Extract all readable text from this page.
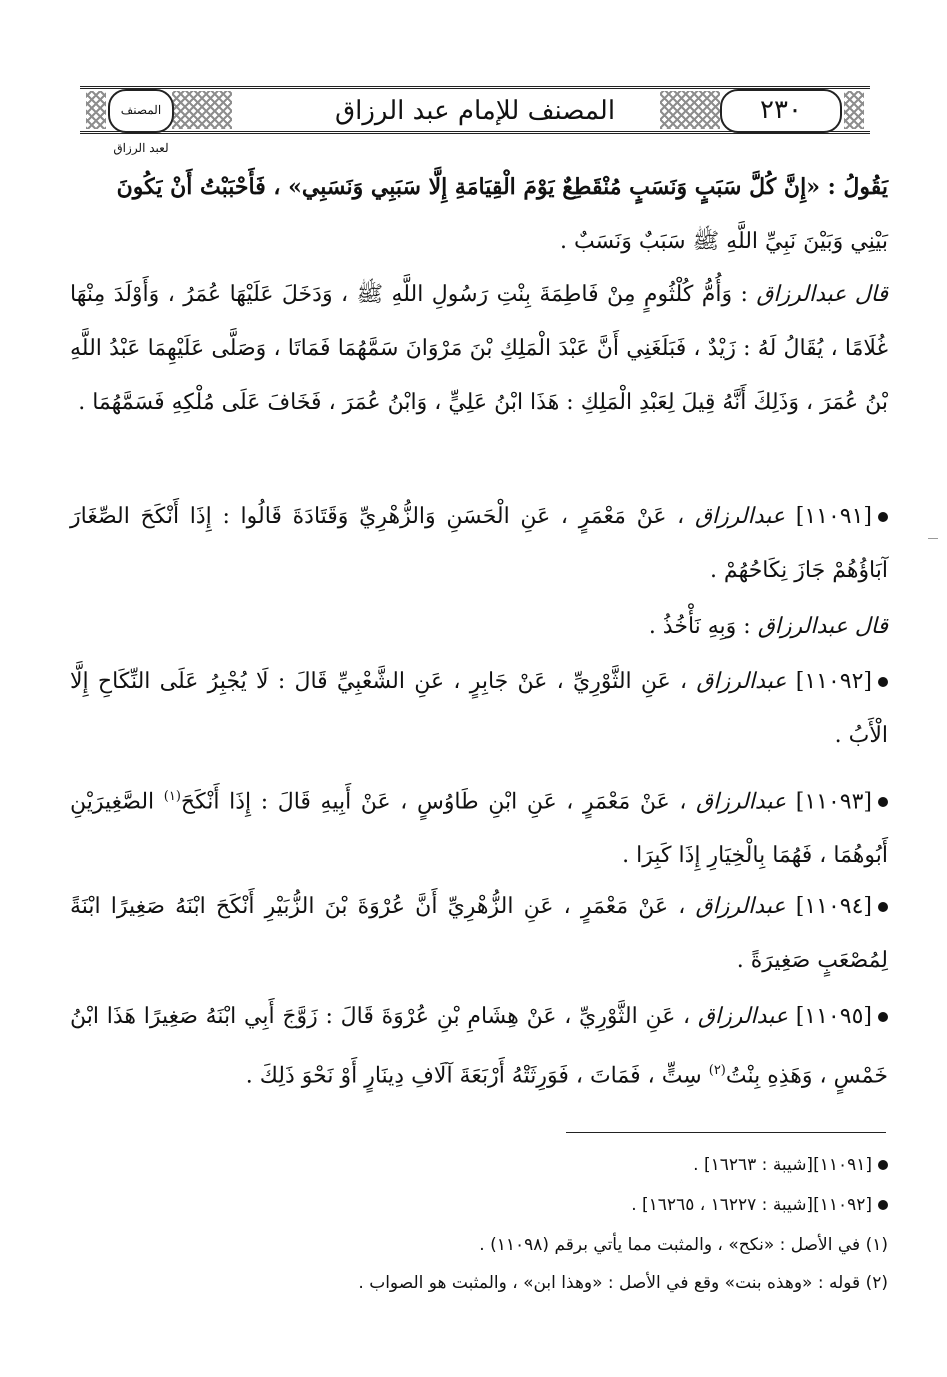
المصنف لعبد الرزاق
المصنف للإمام عبد الرزاق	٢٣٠
يَقُولُ : «إِنَّ كُلَّ سَبَبٍ وَنَسَبٍ مُنْقَطِعٌ يَوْمَ الْقِيَامَةِ إِلَّا سَبَبِي وَنَسَبِي» ، فَأَحْبَبْتُ أَنْ يَكُونَ
بَيْنِي وَبَيْنَ نَبِيِّ اللَّهِ ﷺ سَبَبٌ وَنَسَبٌ .
قال عبدالرزاق : وَأُمُّ كُلْثُومٍ مِنْ فَاطِمَةَ بِنْتِ رَسُولِ اللَّهِ ﷺ ، وَدَخَلَ عَلَيْهَا عُمَرُ ، وَأَوْلَدَ مِنْهَا غُلَامًا ، يُقَالُ لَهُ : زَيْدٌ ، فَبَلَغَنِي أَنَّ عَبْدَ الْمَلِكِ بْنَ مَرْوَانَ سَمَّهُمَا فَمَاتَا ، وَصَلَّى عَلَيْهِمَا عَبْدُ اللَّهِ بْنُ عُمَرَ ، وَذَلِكَ أَنَّهُ قِيلَ لِعَبْدِ الْمَلِكِ : هَذَا ابْنُ عَلِيٍّ ، وَابْنُ عُمَرَ ، فَخَافَ عَلَى مُلْكِهِ فَسَمَّهُمَا .
[١١٠٩١] عبدالرزاق ، عَنْ مَعْمَرٍ ، عَنِ الْحَسَنِ وَالزُّهْرِيِّ وَقَتَادَةَ قَالُوا : إِذَا أَنْكَحَ الصِّغَارَ آبَاؤُهُمْ جَازَ نِكَاحُهُمْ .
قال عبدالرزاق : وَبِهِ نَأْخُذُ .
[١١٠٩٢] عبدالرزاق ، عَنِ الثَّوْرِيِّ ، عَنْ جَابِرٍ ، عَنِ الشَّعْبِيِّ قَالَ : لَا يُجْبِرُ عَلَى النِّكَاحِ إِلَّا الْأَبُ .
[١١٠٩٣] عبدالرزاق ، عَنْ مَعْمَرٍ ، عَنِ ابْنِ طَاوُسٍ ، عَنْ أَبِيهِ قَالَ : إِذَا أَنْكَحَ$^{(١)}$ الصَّغِيرَيْنِ أَبُوهُمَا ، فَهُمَا بِالْخِيَارِ إِذَا كَبِرَا .
[١١٠٩٤] عبدالرزاق ، عَنْ مَعْمَرٍ ، عَنِ الزُّهْرِيِّ أَنَّ عُرْوَةَ بْنَ الزُّبَيْرِ أَنْكَحَ ابْنَهُ صَغِيرًا ابْنَةً لِمُصْعَبٍ صَغِيرَةً .
[١١٠٩٥] عبدالرزاق ، عَنِ الثَّوْرِيِّ ، عَنْ هِشَامِ بْنِ عُرْوَةَ قَالَ : زَوَّجَ أَبِي ابْنَهُ صَغِيرًا هَذَا ابْنُ خَمْسٍ ، وَهَذِهِ بِنْتُ$^{(٢)}$ سِتٍّ ، فَمَاتَ ، فَوَرِثَتْهُ أَرْبَعَةَ آلَافِ دِينَارٍ أَوْ نَحْوَ ذَلِكَ .
[١١٠٩١][شيبة : ١٦٢٦٣] .
[١١٠٩٢][شيبة : ١٦٢٢٧ ، ١٦٢٦٥] .
(١) في الأصل : «نكح» ، والمثبت مما يأتي برقم (١١٠٩٨) .
(٢) قوله : «وهذه بنت» وقع في الأصل : «وهذا ابن» ، والمثبت هو الصواب .
